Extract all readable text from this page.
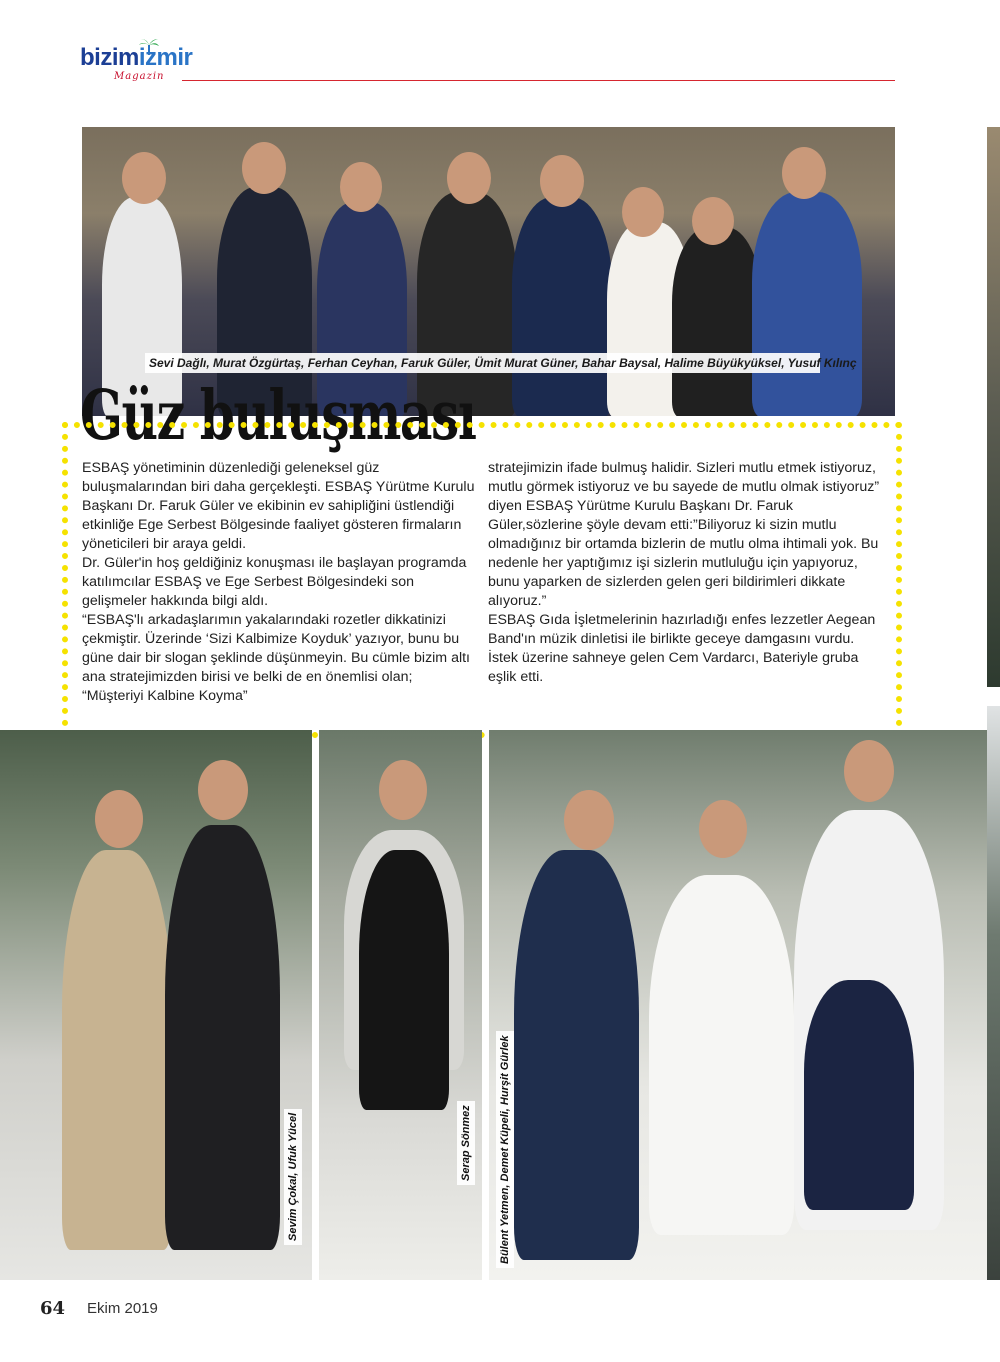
bizimizmir
Magazin
Sevi Dağlı, Murat Özgürtaş, Ferhan Ceyhan, Faruk Güler, Ümit Murat Güner, Bahar Baysal, Halime Büyükyüksel, Yusuf Kılınç
Güz buluşması

ESBAŞ yönetiminin düzenlediği geleneksel güz buluşmalarından biri daha gerçekleşti. ESBAŞ Yürütme Kurulu Başkanı Dr. Faruk Güler ve ekibinin ev sahipliğini üstlendiği etkinliğe Ege Serbest Bölgesinde faaliyet gösteren firmaların yöneticileri bir araya geldi.

Dr. Güler'in hoş geldiğiniz konuşması ile başlayan programda katılımcılar ESBAŞ ve Ege Serbest Bölgesindeki son gelişmeler hakkında bilgi aldı.

“ESBAŞ'lı arkadaşlarımın yakalarındaki rozetler dikkatinizi çekmiştir. Üzerinde ‘Sizi Kalbimize Koyduk’ yazıyor, bunu bu güne dair bir slogan şeklinde düşünmeyin. Bu cümle bizim altı ana stratejimizden birisi ve belki de en önemlisi olan; “Müşteriyi Kalbine Koyma”

stratejimizin ifade bulmuş halidir. Sizleri mutlu etmek istiyoruz, mutlu görmek istiyoruz ve bu sayede de mutlu olmak istiyoruz” diyen ESBAŞ Yürütme Kurulu Başkanı Dr. Faruk Güler,sözlerine şöyle devam etti:”Biliyoruz ki sizin mutlu olmadığınız bir ortamda bizlerin de mutlu olma ihtimali yok. Bu nedenle her yaptığımız işi sizlerin mutluluğu için yapıyoruz, bunu yaparken de sizlerden gelen geri bildirimleri dikkate alıyoruz.”

ESBAŞ Gıda İşletmelerinin hazırladığı enfes lezzetler Aegean Band'ın müzik dinletisi ile birlikte geceye damgasını vurdu. İstek üzerine sahneye gelen Cem Vardarcı, Bateriyle gruba eşlik etti.

Sevim Çokal, Ufuk Yücel	Serap Sönmez Bülent Yetmen, Demet Küpeli, Hurşit Gürlek
64 Ekim 2019
